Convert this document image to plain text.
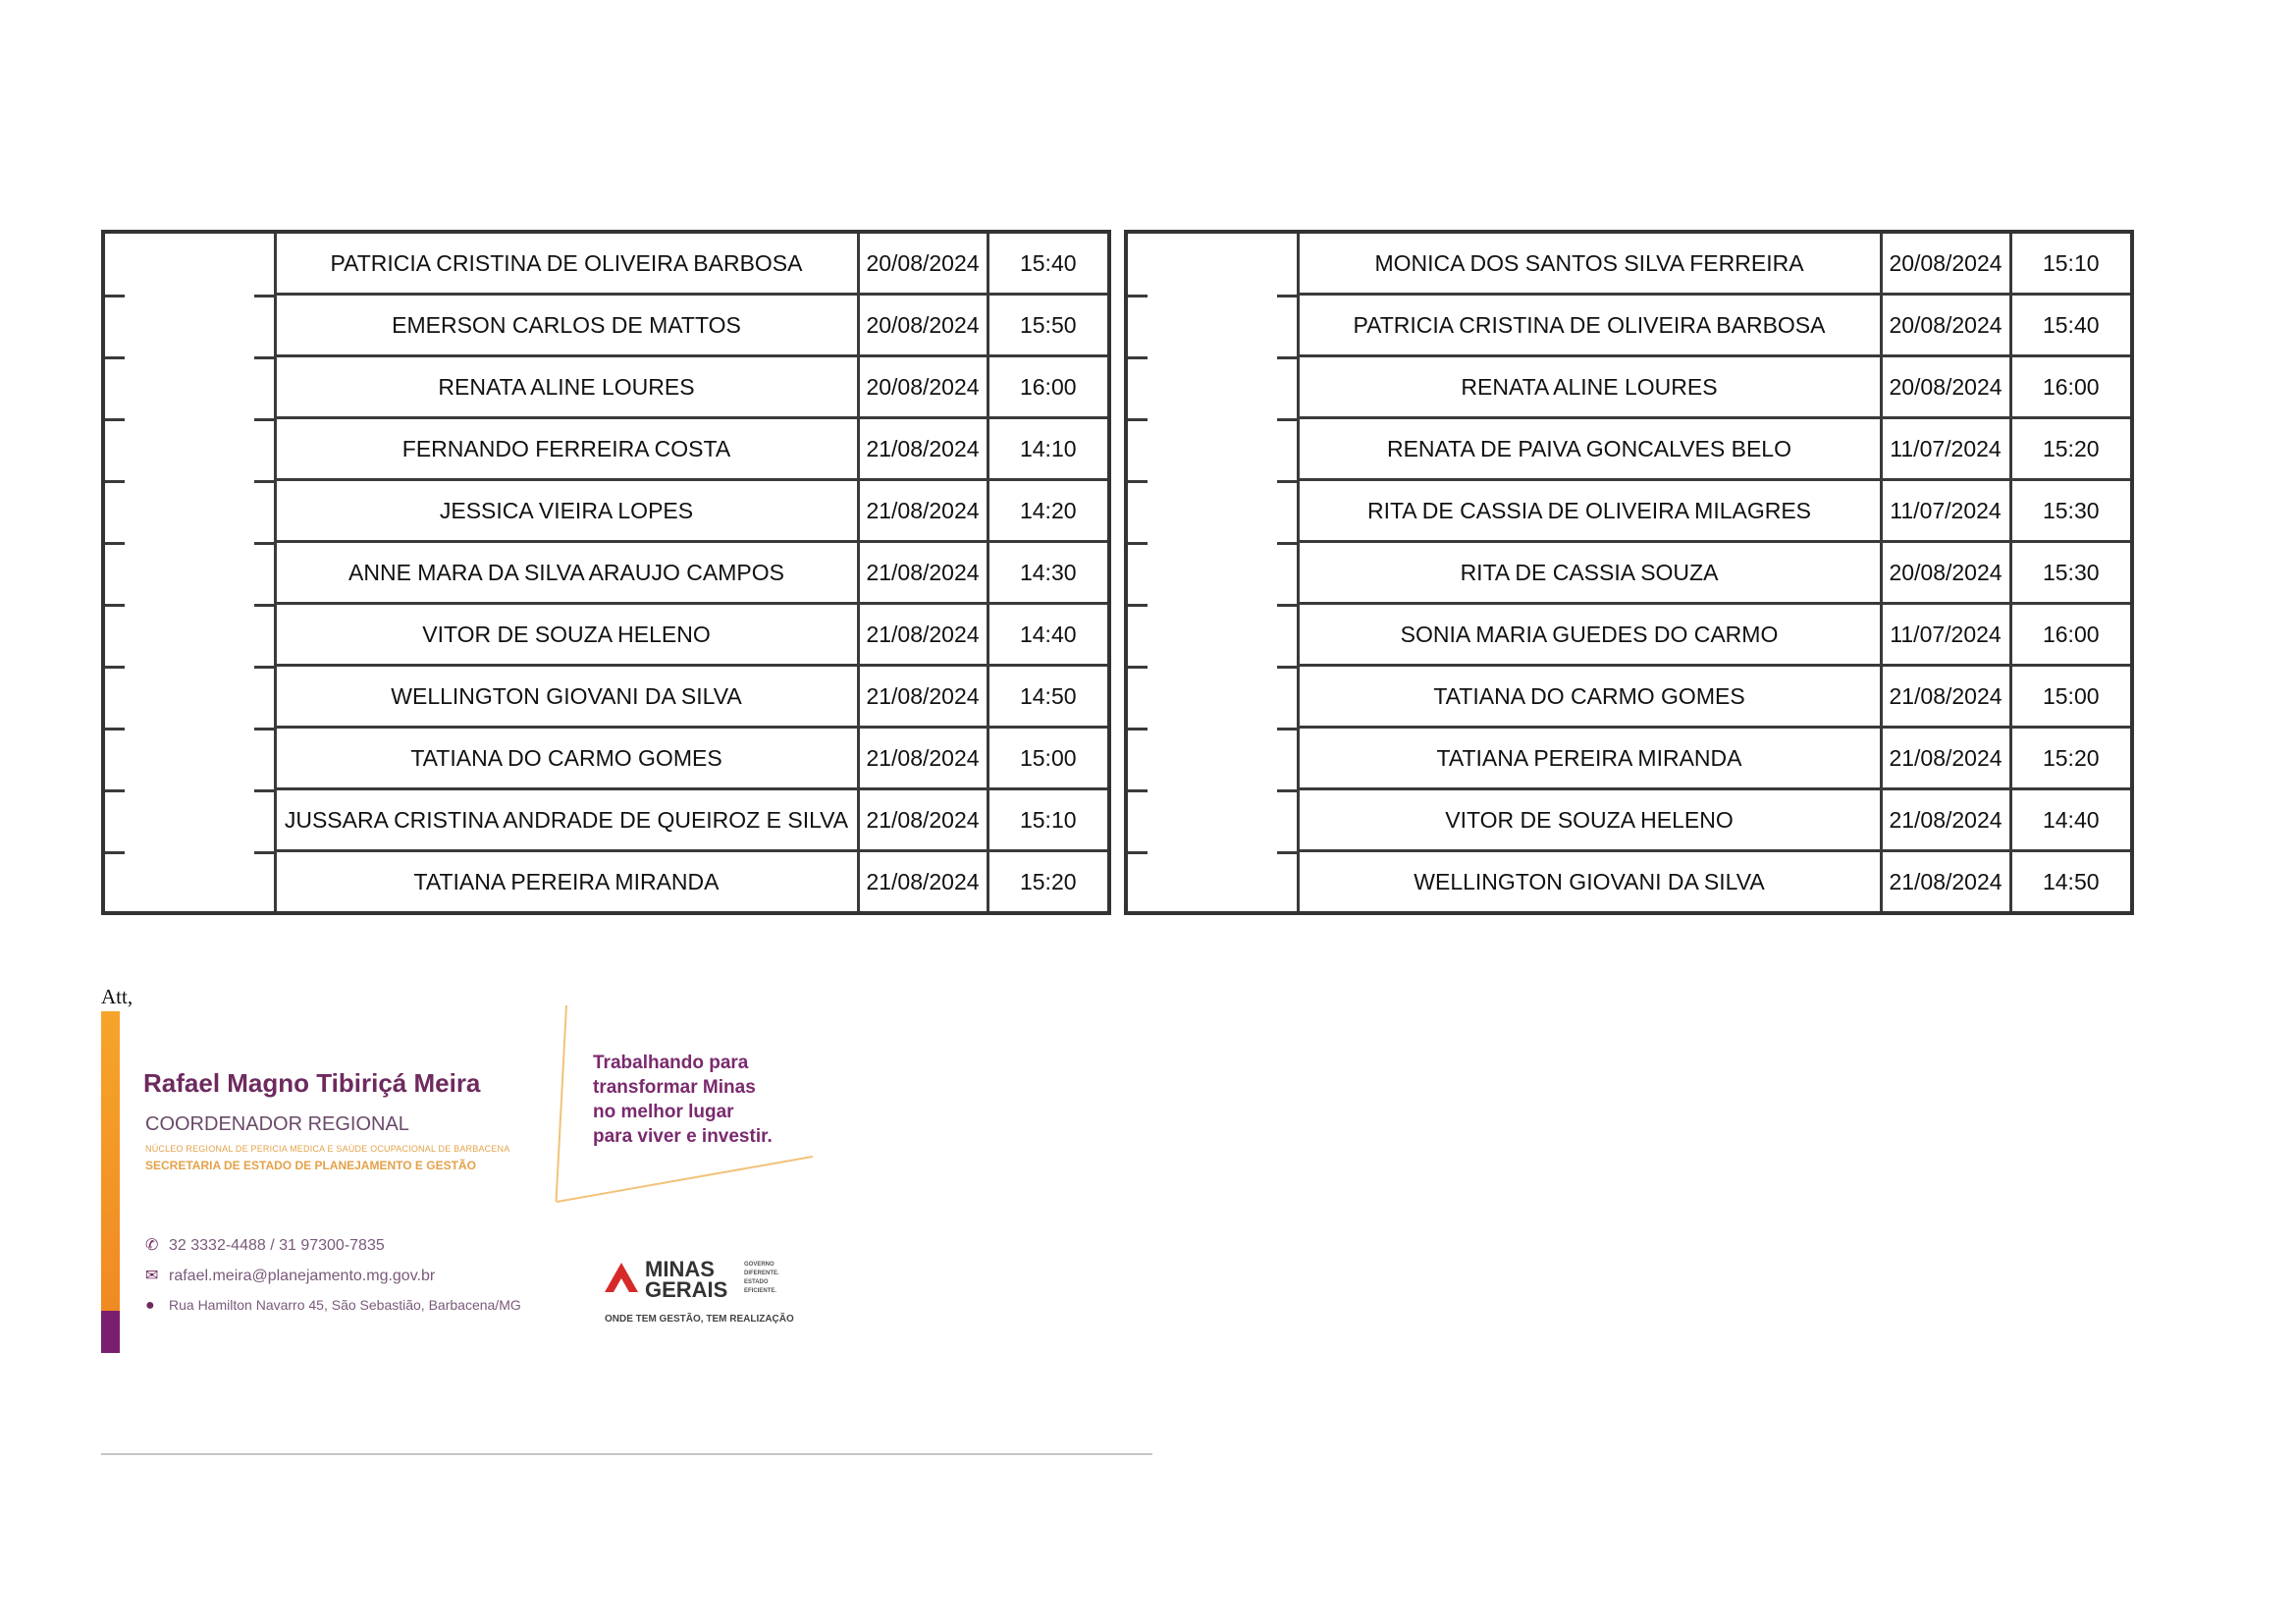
	PATRICIA CRISTINA DE OLIVEIRA BARBOSA	20/08/2024	15:40
	EMERSON CARLOS DE MATTOS	20/08/2024	15:50
	RENATA ALINE LOURES	20/08/2024	16:00
	FERNANDO FERREIRA COSTA	21/08/2024	14:10
	JESSICA VIEIRA LOPES	21/08/2024	14:20
	ANNE MARA DA SILVA ARAUJO CAMPOS	21/08/2024	14:30
	VITOR DE SOUZA HELENO	21/08/2024	14:40
	WELLINGTON GIOVANI DA SILVA	21/08/2024	14:50
	TATIANA DO CARMO GOMES	21/08/2024	15:00
	JUSSARA CRISTINA ANDRADE DE QUEIROZ E SILVA	21/08/2024	15:10
	TATIANA PEREIRA MIRANDA	21/08/2024	15:20
	MONICA DOS SANTOS SILVA FERREIRA	20/08/2024	15:10
	PATRICIA CRISTINA DE OLIVEIRA BARBOSA	20/08/2024	15:40
	RENATA ALINE LOURES	20/08/2024	16:00
	RENATA DE PAIVA GONCALVES BELO	11/07/2024	15:20
	RITA DE CASSIA DE OLIVEIRA MILAGRES	11/07/2024	15:30
	RITA DE CASSIA SOUZA	20/08/2024	15:30
	SONIA MARIA GUEDES DO CARMO	11/07/2024	16:00
	TATIANA DO CARMO GOMES	21/08/2024	15:00
	TATIANA PEREIRA MIRANDA	21/08/2024	15:20
	VITOR DE SOUZA HELENO	21/08/2024	14:40
	WELLINGTON GIOVANI DA SILVA	21/08/2024	14:50
Att,
Rafael Magno Tibiriçá Meira
COORDENADOR REGIONAL
NÚCLEO REGIONAL DE PERICIA MEDICA E SAÚDE OCUPACIONAL DE BARBACENA
SECRETARIA DE ESTADO DE PLANEJAMENTO E GESTÃO
✆ 32 3332-4488 / 31 97300-7835
✉ rafael.meira@planejamento.mg.gov.br
● Rua Hamilton Navarro 45, São Sebastião, Barbacena/MG
Trabalhando para
transformar Minas
no melhor lugar
para viver e investir.
MINAS
GERAIS
GOVERNO
DIFERENTE.
ESTADO
EFICIENTE.
ONDE TEM GESTÃO, TEM REALIZAÇÃO
